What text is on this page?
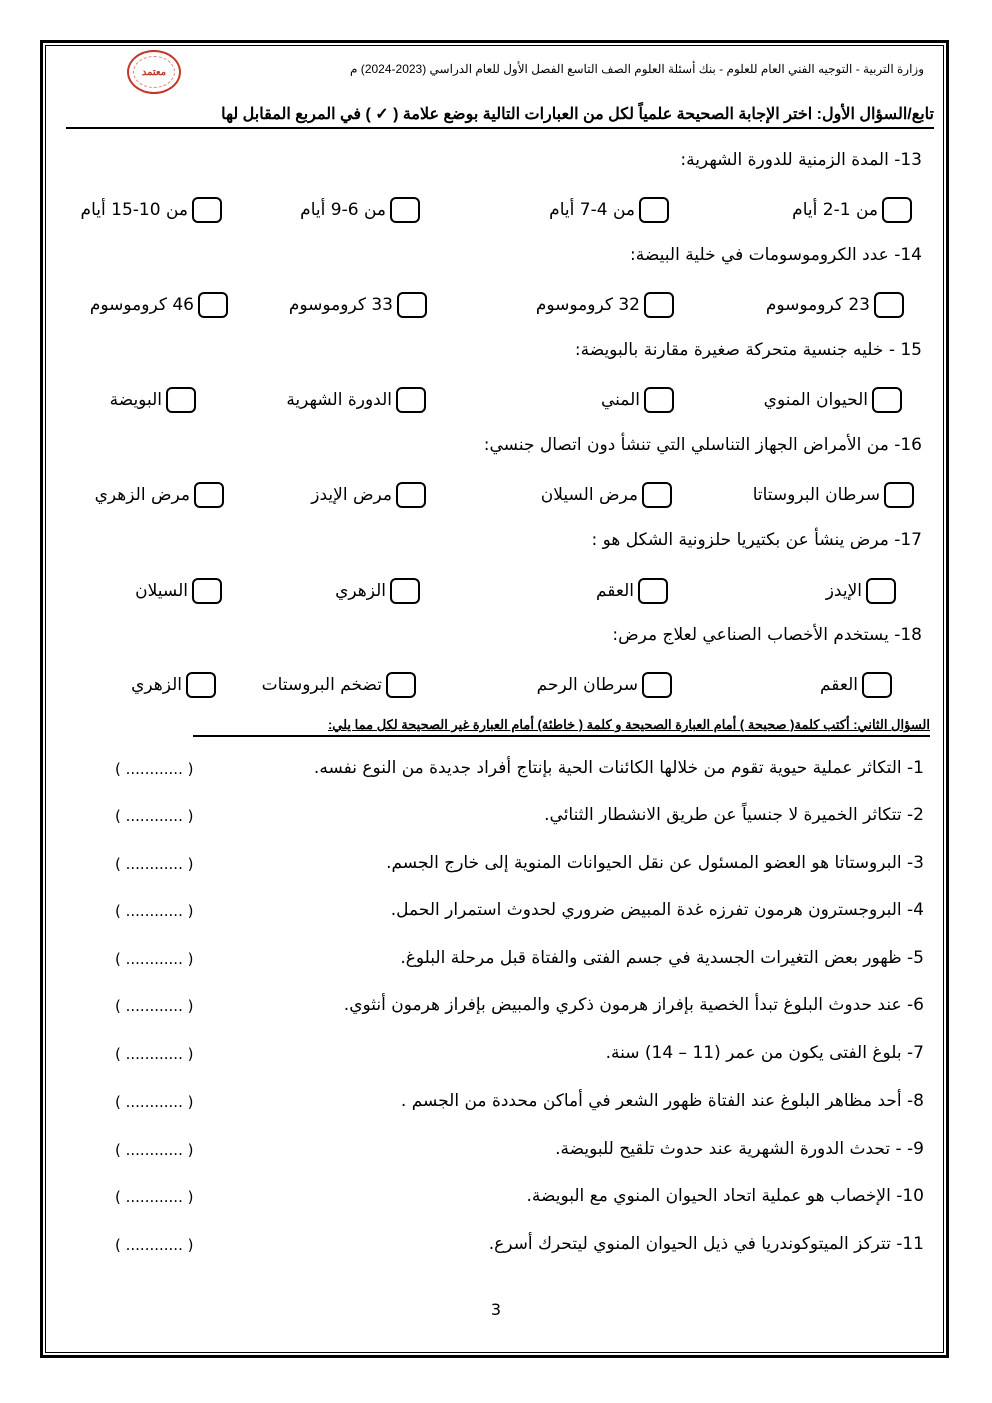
معتمد	وزارة التربية - التوجيه الفني العام للعلوم - بنك أسئلة العلوم الصف التاسع الفصل الأول للعام الدراسي (2023-2024) م
تابع/السؤال الأول: اختر الإجابة الصحيحة علمياً لكل من العبارات التالية بوضع علامة ( ✓ ) في المربع المقابل لها
13- المدة الزمنية للدورة الشهرية:
من 1-2 أيام
من 4-7 أيام
من 6-9 أيام
من 10-15 أيام
14- عدد الكروموسومات في خلية البيضة:
23 كروموسوم
32 كروموسوم
33 كروموسوم
46 كروموسوم
15 - خليه جنسية متحركة صغيرة مقارنة بالبويضة:
الحيوان المنوي
المني
الدورة الشهرية
البويضة
16- من الأمراض الجهاز التناسلي التي تنشأ دون اتصال جنسي:
سرطان البروستاتا
مرض السيلان
مرض الإيدز
مرض الزهري
17- مرض ينشأ عن بكتيريا حلزونية الشكل هو :
الإيدز
العقم
الزهري
السيلان
18- يستخدم الأخصاب الصناعي لعلاج مرض:
العقم
سرطان الرحم
تضخم البروستات
الزهري
السؤال الثاني: أكتب كلمة( صحيحة ) أمام العبارة الصحيحة و كلمة ( خاطئة) أمام العبارة غير الصحيحة لكل مما يلي:
1- التكاثر عملية حيوية تقوم من خلالها الكائنات الحية بإنتاج أفراد جديدة من النوع نفسه.
( ............ )
2- تتكاثر الخميرة لا جنسياً عن طريق الانشطار الثنائي.
( ............ )
3- البروستاتا هو العضو المسئول عن نقل الحيوانات المنوية إلى خارج الجسم.
( ............ )
4- البروجسترون هرمون تفرزه غدة المبيض ضروري لحدوث استمرار الحمل.
( ............ )
5- ظهور بعض التغيرات الجسدية في جسم الفتى والفتاة قبل مرحلة البلوغ.
( ............ )
6- عند حدوث البلوغ تبدأ الخصية بإفراز هرمون ذكري والمبيض بإفراز هرمون أنثوي.
( ............ )
7- بلوغ الفتى يكون من عمر (11 – 14) سنة.
( ............ )
8- أحد مظاهر البلوغ عند الفتاة ظهور الشعر في أماكن محددة من الجسم .
( ............ )
9- - تحدث الدورة الشهرية عند حدوث تلقيح للبويضة.
( ............ )
10- الإخصاب هو عملية اتحاد الحيوان المنوي مع البويضة.
( ............ )
11- تتركز الميتوكوندريا في ذيل الحيوان المنوي ليتحرك أسرع.
( ............ )
3
